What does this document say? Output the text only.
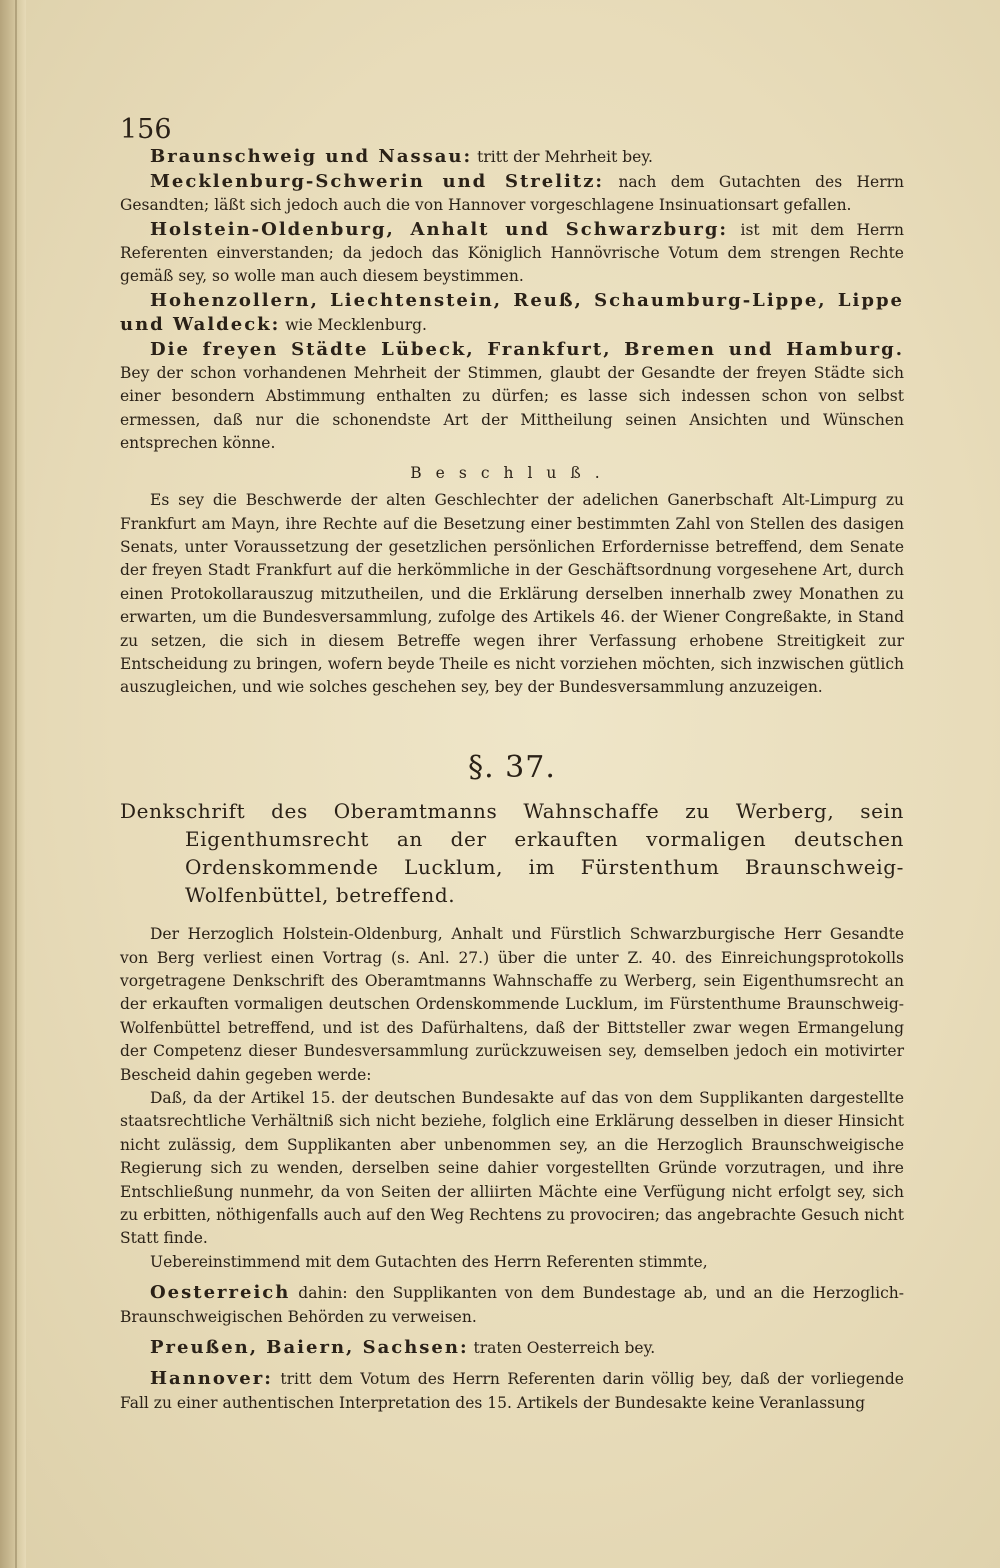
156

Braunschweig und Nassau: tritt der Mehrheit bey.

Mecklenburg-Schwerin und Strelitz: nach dem Gutachten des Herrn Gesandten; läßt sich jedoch auch die von Hannover vorgeschlagene Insinuationsart gefallen.

Holstein-Oldenburg, Anhalt und Schwarzburg: ist mit dem Herrn Referenten einverstanden; da jedoch das Königlich Hannövrische Votum dem strengen Rechte gemäß sey, so wolle man auch diesem beystimmen.

Hohenzollern, Liechtenstein, Reuß, Schaumburg-Lippe, Lippe und Waldeck: wie Mecklenburg.

Die freyen Städte Lübeck, Frankfurt, Bremen und Hamburg. Bey der schon vorhandenen Mehrheit der Stimmen, glaubt der Gesandte der freyen Städte sich einer besondern Abstimmung enthalten zu dürfen; es lasse sich indessen schon von selbst ermessen, daß nur die schonendste Art der Mittheilung seinen Ansichten und Wünschen entsprechen könne.

Beschluß.

Es sey die Beschwerde der alten Geschlechter der adelichen Ganerbschaft Alt-Limpurg zu Frankfurt am Mayn, ihre Rechte auf die Besetzung einer bestimmten Zahl von Stellen des dasigen Senats, unter Voraussetzung der gesetzlichen persönlichen Erfordernisse betreffend, dem Senate der freyen Stadt Frankfurt auf die herkömmliche in der Geschäftsordnung vorgesehene Art, durch einen Protokollarauszug mitzutheilen, und die Erklärung derselben innerhalb zwey Monathen zu erwarten, um die Bundesversammlung, zufolge des Artikels 46. der Wiener Congreßakte, in Stand zu setzen, die sich in diesem Betreffe wegen ihrer Verfassung erhobene Streitigkeit zur Entscheidung zu bringen, wofern beyde Theile es nicht vorziehen möchten, sich inzwischen gütlich auszugleichen, und wie solches geschehen sey, bey der Bundesversammlung anzuzeigen.

§. 37.

Denkschrift des Oberamtmanns Wahnschaffe zu Werberg, sein Eigenthumsrecht an der erkauften vormaligen deutschen Ordenskommende Lucklum, im Fürstenthum Braunschweig-Wolfenbüttel, betreffend.

Der Herzoglich Holstein-Oldenburg, Anhalt und Fürstlich Schwarzburgische Herr Gesandte von Berg verliest einen Vortrag (s. Anl. 27.) über die unter Z. 40. des Einreichungsprotokolls vorgetragene Denkschrift des Oberamtmanns Wahnschaffe zu Werberg, sein Eigenthumsrecht an der erkauften vormaligen deutschen Ordenskommende Lucklum, im Fürstenthume Braunschweig-Wolfenbüttel betreffend, und ist des Dafürhaltens, daß der Bittsteller zwar wegen Ermangelung der Competenz dieser Bundesversammlung zurückzuweisen sey, demselben jedoch ein motivirter Bescheid dahin gegeben werde:

Daß, da der Artikel 15. der deutschen Bundesakte auf das von dem Supplikanten dargestellte staatsrechtliche Verhältniß sich nicht beziehe, folglich eine Erklärung desselben in dieser Hinsicht nicht zulässig, dem Supplikanten aber unbenommen sey, an die Herzoglich Braunschweigische Regierung sich zu wenden, derselben seine dahier vorgestellten Gründe vorzutragen, und ihre Entschließung nunmehr, da von Seiten der alliirten Mächte eine Verfügung nicht erfolgt sey, sich zu erbitten, nöthigenfalls auch auf den Weg Rechtens zu provociren; das angebrachte Gesuch nicht Statt finde.

Uebereinstimmend mit dem Gutachten des Herrn Referenten stimmte,

Oesterreich dahin: den Supplikanten von dem Bundestage ab, und an die Herzoglich-Braunschweigischen Behörden zu verweisen.

Preußen, Baiern, Sachsen: traten Oesterreich bey.

Hannover: tritt dem Votum des Herrn Referenten darin völlig bey, daß der vorliegende Fall zu einer authentischen Interpretation des 15. Artikels der Bundesakte keine Veranlassung
